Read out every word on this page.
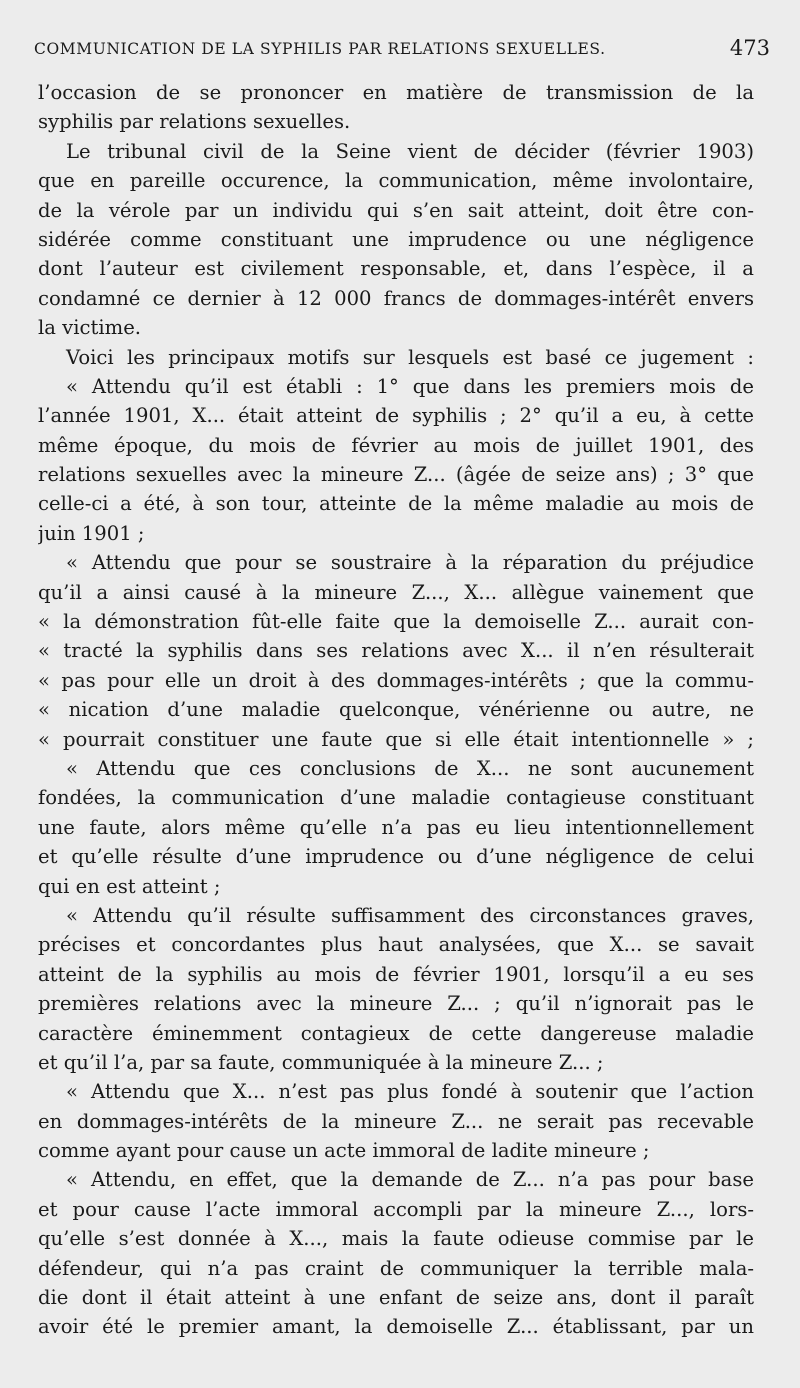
COMMUNICATION DE LA SYPHILIS PAR RELATIONS SEXUELLES.	473
l’occasion de se prononcer en matière de transmission de la
syphilis par relations sexuelles.
Le tribunal civil de la Seine vient de décider (février 1903)
que en pareille occurence, la communication, même involontaire,
de la vérole par un individu qui s’en sait atteint, doit être con-
sidérée comme constituant une imprudence ou une négligence
dont l’auteur est civilement responsable, et, dans l’espèce, il a
condamné ce dernier à 12 000 francs de dommages-intérêt envers
la victime.
Voici les principaux motifs sur lesquels est basé ce jugement :
« Attendu qu’il est établi : 1° que dans les premiers mois de
l’année 1901, X... était atteint de syphilis ; 2° qu’il a eu, à cette
même époque, du mois de février au mois de juillet 1901, des
relations sexuelles avec la mineure Z... (âgée de seize ans) ; 3° que
celle-ci a été, à son tour, atteinte de la même maladie au mois de
juin 1901 ;
« Attendu que pour se soustraire à la réparation du préjudice
qu’il a ainsi causé à la mineure Z..., X... allègue vainement que
« la démonstration fût-elle faite que la demoiselle Z... aurait con-
« tracté la syphilis dans ses relations avec X... il n’en résulterait
« pas pour elle un droit à des dommages-intérêts ; que la commu-
« nication d’une maladie quelconque, vénérienne ou autre, ne
« pourrait constituer une faute que si elle était intentionnelle » ;
« Attendu que ces conclusions de X... ne sont aucunement
fondées, la communication d’une maladie contagieuse constituant
une faute, alors même qu’elle n’a pas eu lieu intentionnellement
et qu’elle résulte d’une imprudence ou d’une négligence de celui
qui en est atteint ;
« Attendu qu’il résulte suffisamment des circonstances graves,
précises et concordantes plus haut analysées, que X... se savait
atteint de la syphilis au mois de février 1901, lorsqu’il a eu ses
premières relations avec la mineure Z... ; qu’il n’ignorait pas le
caractère éminemment contagieux de cette dangereuse maladie
et qu’il l’a, par sa faute, communiquée à la mineure Z... ;
« Attendu que X... n’est pas plus fondé à soutenir que l’action
en dommages-intérêts de la mineure Z... ne serait pas recevable
comme ayant pour cause un acte immoral de ladite mineure ;
« Attendu, en effet, que la demande de Z... n’a pas pour base
et pour cause l’acte immoral accompli par la mineure Z..., lors-
qu’elle s’est donnée à X..., mais la faute odieuse commise par le
défendeur, qui n’a pas craint de communiquer la terrible mala-
die dont il était atteint à une enfant de seize ans, dont il paraît
avoir été le premier amant, la demoiselle Z... établissant, par un
